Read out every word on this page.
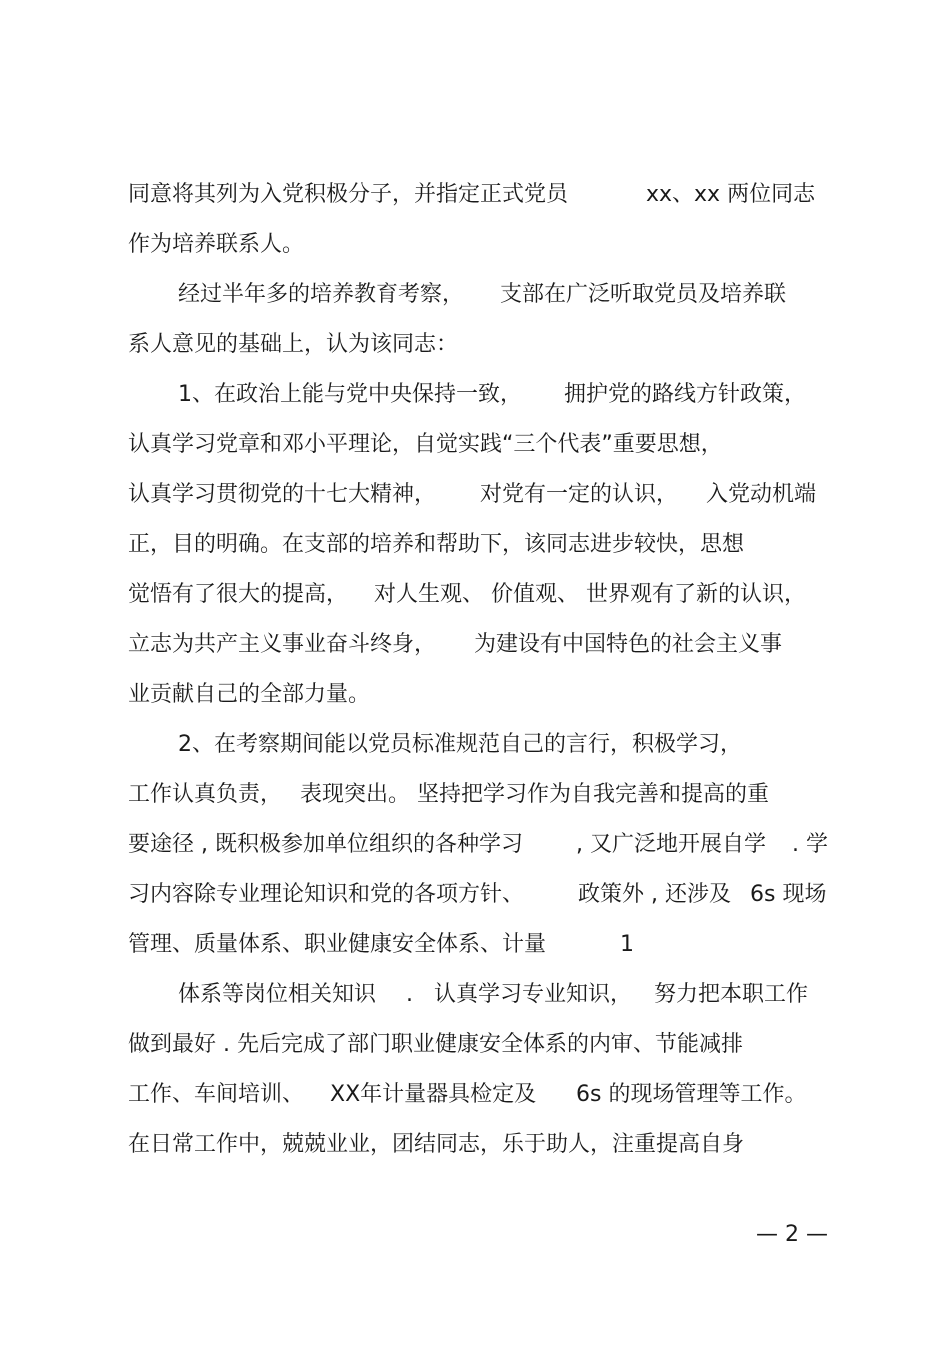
同意将其列为入党积极分子，并指定正式党员

	xx、xx 两位同志

作为培养联系人。

经过半年多的培养教育考察，

支部在广泛听取党员及培养联

系人意见的基础上，认为该同志：

1、在政治上能与党中央保持一致，

拥护党的路线方针政策，

认真学习党章和邓小平理论，自觉实践“三个代表”重要思想，

认真学习贯彻党的十七大精神，

对党有一定的认识，

入党动机端

正，目的明确。在支部的培养和帮助下，该同志进步较快，思想

觉悟有了很大的提高，

对人生观、 价值观、 世界观有了新的认识，

立志为共产主义事业奋斗终身，

为建设有中国特色的社会主义事

业贡献自己的全部力量。

2、在考察期间能以党员标准规范自己的言行，积极学习，

工作认真负责，

表现突出。 坚持把学习作为自我完善和提高的重

要途径 , 既积极参加单位组织的各种学习

, 又广泛地开展自学

. 学

习内容除专业理论知识和党的各项方针、

政策外 , 还涉及

6s 现场

管理、质量体系、职业健康安全体系、计量

	1

体系等岗位相关知识

.

认真学习专业知识，

努力把本职工作

做到最好 . 先后完成了部门职业健康安全体系的内审、节能减排

工作、车间培训、

XX年计量器具检定及

6s 的现场管理等工作。

在日常工作中，兢兢业业，团结同志，乐于助人，注重提高自身

— 2 —
